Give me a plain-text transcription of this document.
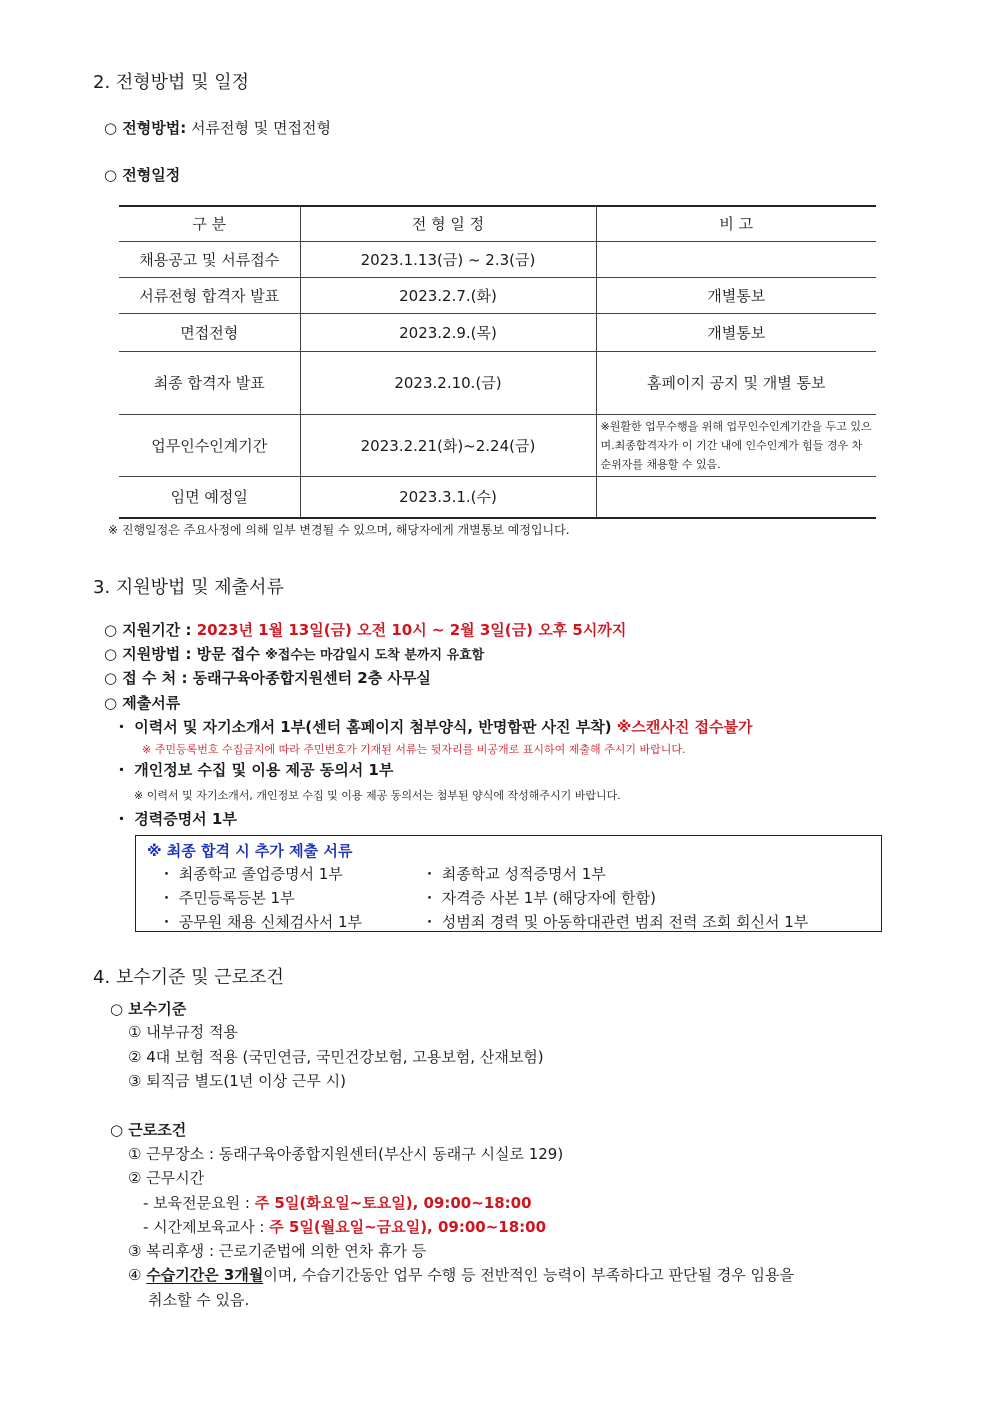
2. 전형방법 및 일정
○ 전형방법: 서류전형 및 면접전형
○ 전형일정
구 분	전 형 일 정	비 고
채용공고 및 서류접수	2023.1.13(금) ~ 2.3(금)	
서류전형 합격자 발표	2023.2.7.(화)	개별통보
면접전형	2023.2.9.(목)	개별통보
최종 합격자 발표	2023.2.10.(금)	홈페이지 공지 및 개별 통보
업무인수인계기간	2023.2.21(화)~2.24(금)	※원활한 업무수행을 위해 업무인수인계기간을 두고 있으며.최종합격자가 이 기간 내에 인수인계가 힘들 경우 차순위자를 채용할 수 있음.
임면 예정일	2023.3.1.(수)	
※ 진행일정은 주요사정에 의해 일부 변경될 수 있으며, 해당자에게 개별통보 예정입니다.
3. 지원방법 및 제출서류
○ 지원기간 : 2023년 1월 13일(금) 오전 10시 ~ 2월 3일(금) 오후 5시까지
○ 지원방법 : 방문 접수 ※접수는 마감일시 도착 분까지 유효함
○ 접 수 처 : 동래구육아종합지원센터 2층 사무실
○ 제출서류
・ 이력서 및 자기소개서 1부(센터 홈페이지 첨부양식, 반명함판 사진 부착) ※스캔사진 접수불가
※ 주민등록번호 수집금지에 따라 주민번호가 기재된 서류는 뒷자리를 비공개로 표시하여 제출해 주시기 바랍니다.
・ 개인정보 수집 및 이용 제공 동의서 1부
※ 이력서 및 자기소개서, 개인정보 수집 및 이용 제공 동의서는 첨부된 양식에 작성해주시기 바랍니다.
・ 경력증명서 1부
※ 최종 합격 시 추가 제출 서류
・ 최종학교 졸업증명서 1부
・ 주민등록등본 1부
・ 공무원 채용 신체검사서 1부
・ 최종학교 성적증명서 1부
・ 자격증 사본 1부 (해당자에 한함)
・ 성범죄 경력 및 아동학대관련 범죄 전력 조회 회신서 1부
4. 보수기준 및 근로조건
○ 보수기준
① 내부규정 적용
② 4대 보험 적용 (국민연금, 국민건강보험, 고용보험, 산재보험)
③ 퇴직금 별도(1년 이상 근무 시)
○ 근로조건
① 근무장소 : 동래구육아종합지원센터(부산시 동래구 시실로 129)
② 근무시간
- 보육전문요원 : 주 5일(화요일~토요일), 09:00~18:00
- 시간제보육교사 : 주 5일(월요일~금요일), 09:00~18:00
③ 복리후생 : 근로기준법에 의한 연차 휴가 등
④ 수습기간은 3개월이며, 수습기간동안 업무 수행 등 전반적인 능력이 부족하다고 판단될 경우 임용을
취소할 수 있음.
